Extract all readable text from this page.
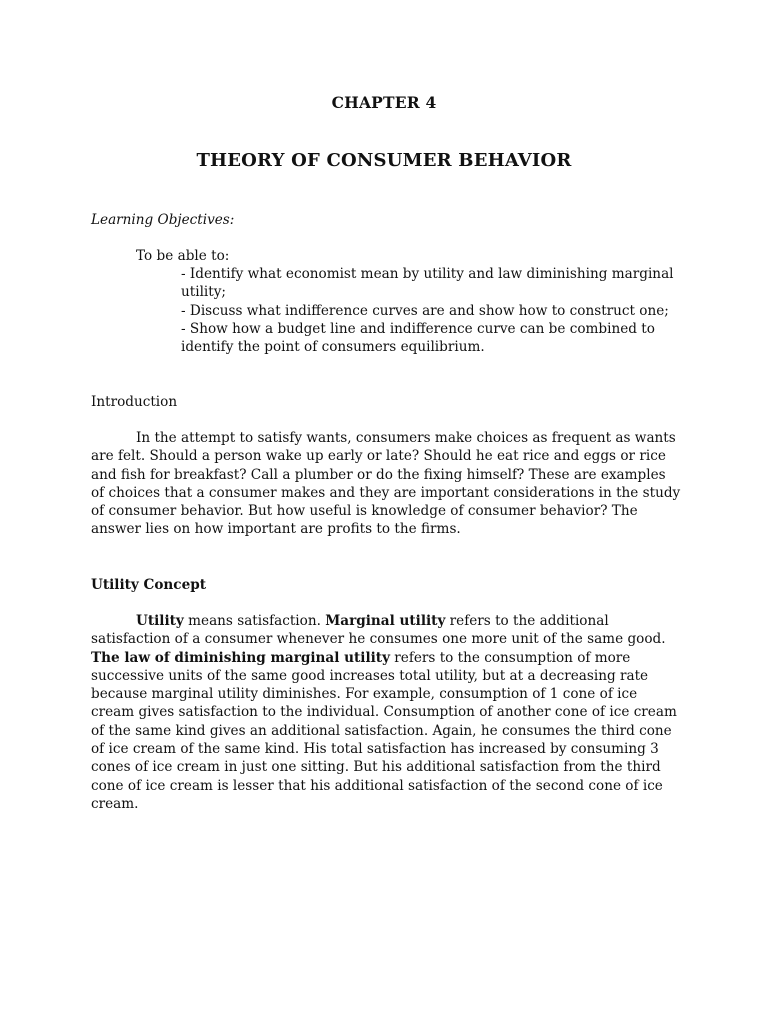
CHAPTER 4
THEORY OF CONSUMER BEHAVIOR
Learning Objectives:
To be able to:
- Identify what economist mean by utility and law diminishing marginal utility;
- Discuss what indifference curves are and show how to construct one;
- Show how a budget line and indifference curve can be combined to identify the point of consumers equilibrium.
Introduction

In the attempt to satisfy wants, consumers make choices as frequent as wants are felt. Should a person wake up early or late? Should he eat rice and eggs or rice and fish for breakfast? Call a plumber or do the fixing himself? These are examples of choices that a consumer makes and they are important considerations in the study of consumer behavior. But how useful is knowledge of consumer behavior? The answer lies on how important are profits to the firms.

Utility Concept

Utility means satisfaction. Marginal utility refers to the additional satisfaction of a consumer whenever he consumes one more unit of the same good. The law of diminishing marginal utility refers to the consumption of more successive units of the same good increases total utility, but at a decreasing rate because marginal utility diminishes. For example, consumption of 1 cone of ice cream gives satisfaction to the individual. Consumption of another cone of ice cream of the same kind gives an additional satisfaction. Again, he consumes the third cone of ice cream of the same kind. His total satisfaction has increased by consuming 3 cones of ice cream in just one sitting. But his additional satisfaction from the third cone of ice cream is lesser that his additional satisfaction of the second cone of ice cream.
